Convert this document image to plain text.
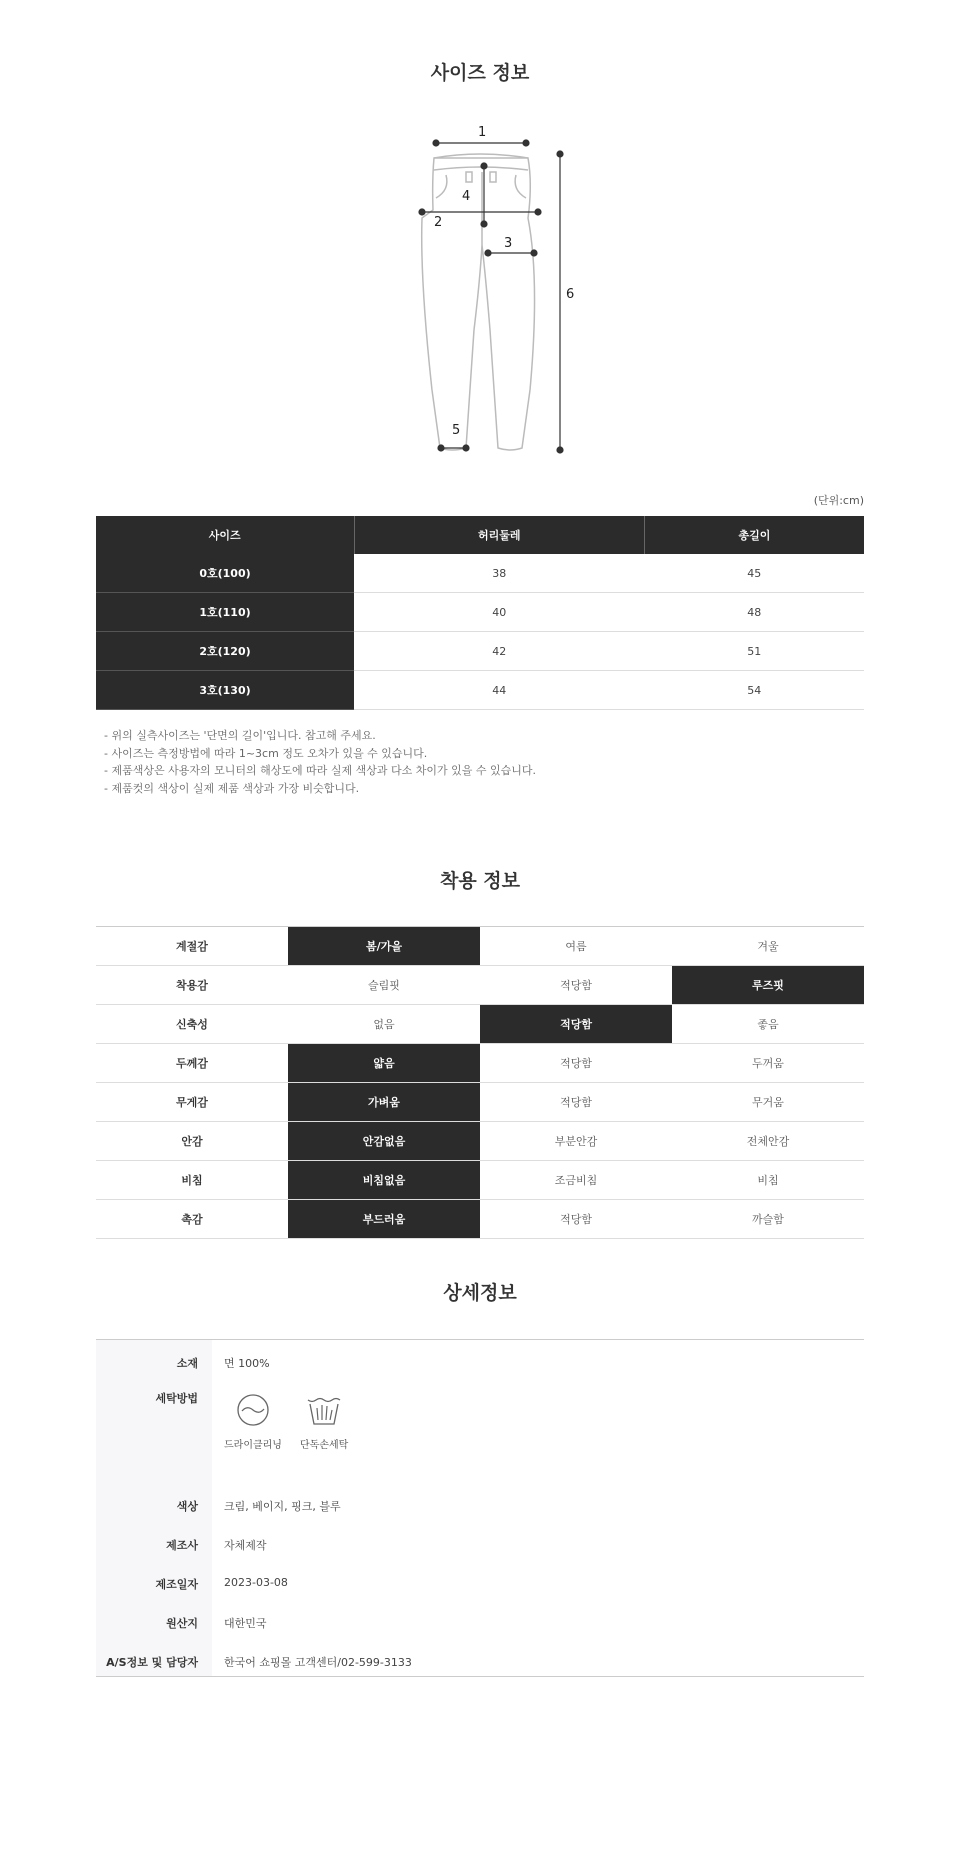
사이즈 정보
1
2
3
4
5
6
(단위:cm)
사이즈	허리둘레	총길이
0호(100)	38	45
1호(110)	40	48
2호(120)	42	51
3호(130)	44	54
- 위의 실측사이즈는 '단면의 길이'입니다. 참고해 주세요.
- 사이즈는 측정방법에 따라 1~3cm 정도 오차가 있을 수 있습니다.
- 제품색상은 사용자의 모니터의 해상도에 따라 실제 색상과 다소 차이가 있을 수 있습니다.
- 제품컷의 색상이 실제 제품 색상과 가장 비슷합니다.
착용 정보
계절감	봄/가을	여름	겨울
착용감	슬림핏	적당함	루즈핏
신축성	없음	적당함	좋음
두께감	얇음	적당함	두꺼움
무게감	가벼움	적당함	무거움
안감	안감없음	부분안감	전체안감
비침	비침없음	조금비침	비침
촉감	부드러움	적당함	까슬함
상세정보
소재	면 100%
세탁방법
드라이클리닝 단독손세탁
색상	크림, 베이지, 핑크, 블루
제조사	자체제작
제조일자	2023-03-08
원산지	대한민국
A/S정보 및 담당자	한국어 쇼핑몰 고객센터/02-599-3133
